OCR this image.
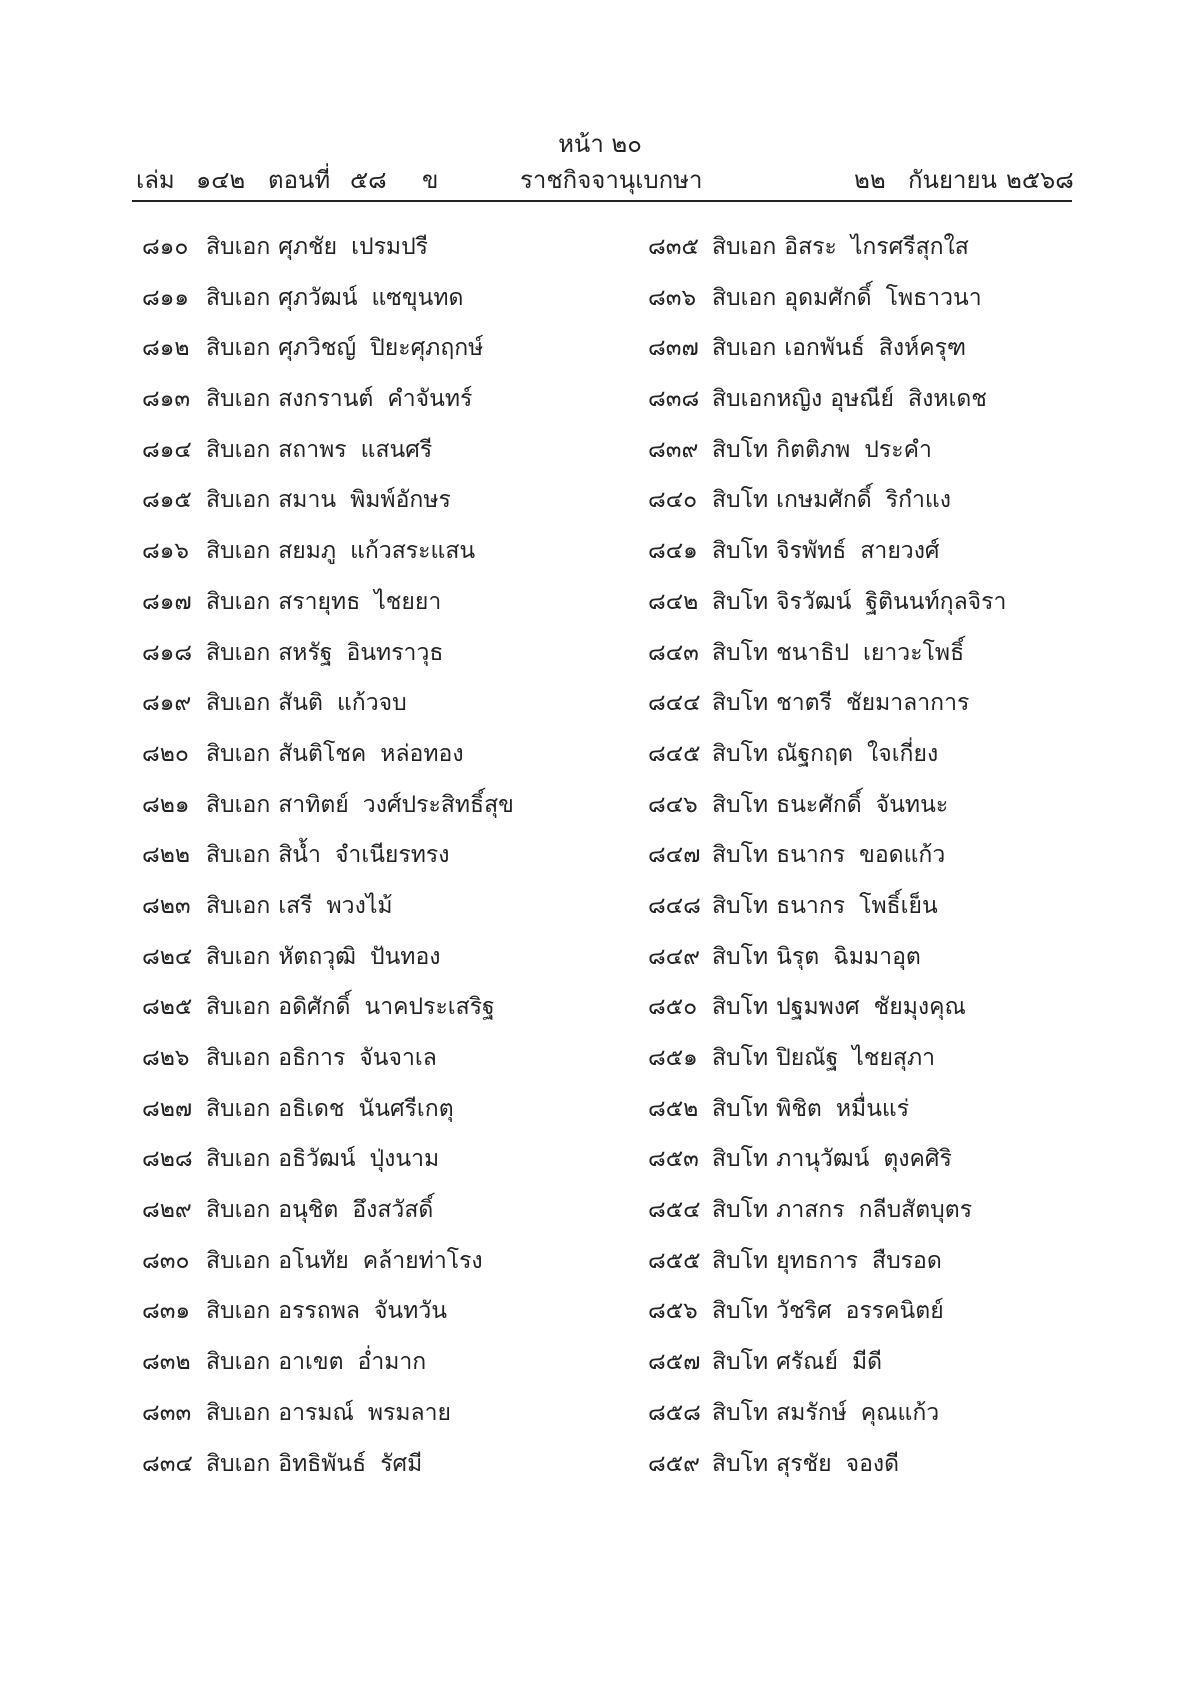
หน้า ๒๐
เล่ม ๑๔๒ ตอนที่ ๕๘ ข	ราชกิจจานุเบกษา	๒๒ กันยายน ๒๕๖๘
๘๑๐ สิบเอก ศุภชัย เปรมปรี
๘๑๑ สิบเอก ศุภวัฒน์ แซขุนทด
๘๑๒ สิบเอก ศุภวิชญ์ ปิยะศุภฤกษ์
๘๑๓ สิบเอก สงกรานต์ คำจันทร์
๘๑๔ สิบเอก สถาพร แสนศรี
๘๑๕ สิบเอก สมาน พิมพ์อักษร
๘๑๖ สิบเอก สยมภู แก้วสระแสน
๘๑๗ สิบเอก สรายุทธ ไชยยา
๘๑๘ สิบเอก สหรัฐ อินทราวุธ
๘๑๙ สิบเอก สันติ แก้วจบ
๘๒๐ สิบเอก สันติโชค หล่อทอง
๘๒๑ สิบเอก สาทิตย์ วงศ์ประสิทธิ์สุข
๘๒๒ สิบเอก สิน้ำ จำเนียรทรง
๘๒๓ สิบเอก เสรี พวงไม้
๘๒๔ สิบเอก หัตถวุฒิ ปันทอง
๘๒๕ สิบเอก อดิศักดิ์ นาคประเสริฐ
๘๒๖ สิบเอก อธิการ จันจาเล
๘๒๗ สิบเอก อธิเดช นันศรีเกตุ
๘๒๘ สิบเอก อธิวัฒน์ ปุ่งนาม
๘๒๙ สิบเอก อนุชิต อึงสวัสดิ์
๘๓๐ สิบเอก อโนทัย คล้ายท่าโรง
๘๓๑ สิบเอก อรรถพล จันทวัน
๘๓๒ สิบเอก อาเขต อ่ำมาก
๘๓๓ สิบเอก อารมณ์ พรมลาย
๘๓๔ สิบเอก อิทธิพันธ์ รัศมี
๘๓๕ สิบเอก อิสระ ไกรศรีสุกใส
๘๓๖ สิบเอก อุดมศักดิ์ โพธาวนา
๘๓๗ สิบเอก เอกพันธ์ สิงห์ครุฑ
๘๓๘ สิบเอกหญิง อุษณีย์ สิงหเดช
๘๓๙ สิบโท กิตติภพ ประคำ
๘๔๐ สิบโท เกษมศักดิ์ ริกำแง
๘๔๑ สิบโท จิรพัทธ์ สายวงศ์
๘๔๒ สิบโท จิรวัฒน์ ฐิตินนท์กุลจิรา
๘๔๓ สิบโท ชนาธิป เยาวะโพธิ์
๘๔๔ สิบโท ชาตรี ชัยมาลาการ
๘๔๕ สิบโท ณัฐกฤต ใจเกี่ยง
๘๔๖ สิบโท ธนะศักดิ์ จันทนะ
๘๔๗ สิบโท ธนากร ขอดแก้ว
๘๔๘ สิบโท ธนากร โพธิ์เย็น
๘๔๙ สิบโท นิรุต ฉิมมาอุต
๘๕๐ สิบโท ปฐมพงศ ชัยมุงคุณ
๘๕๑ สิบโท ปิยณัฐ ไชยสุภา
๘๕๒ สิบโท พิชิต หมื่นแร่
๘๕๓ สิบโท ภานุวัฒน์ ตุงคศิริ
๘๕๔ สิบโท ภาสกร กลีบสัตบุตร
๘๕๕ สิบโท ยุทธการ สืบรอด
๘๕๖ สิบโท วัชริศ อรรคนิตย์
๘๕๗ สิบโท ศรัณย์ มีดี
๘๕๘ สิบโท สมรักษ์ คุณแก้ว
๘๕๙ สิบโท สุรชัย จองดี
